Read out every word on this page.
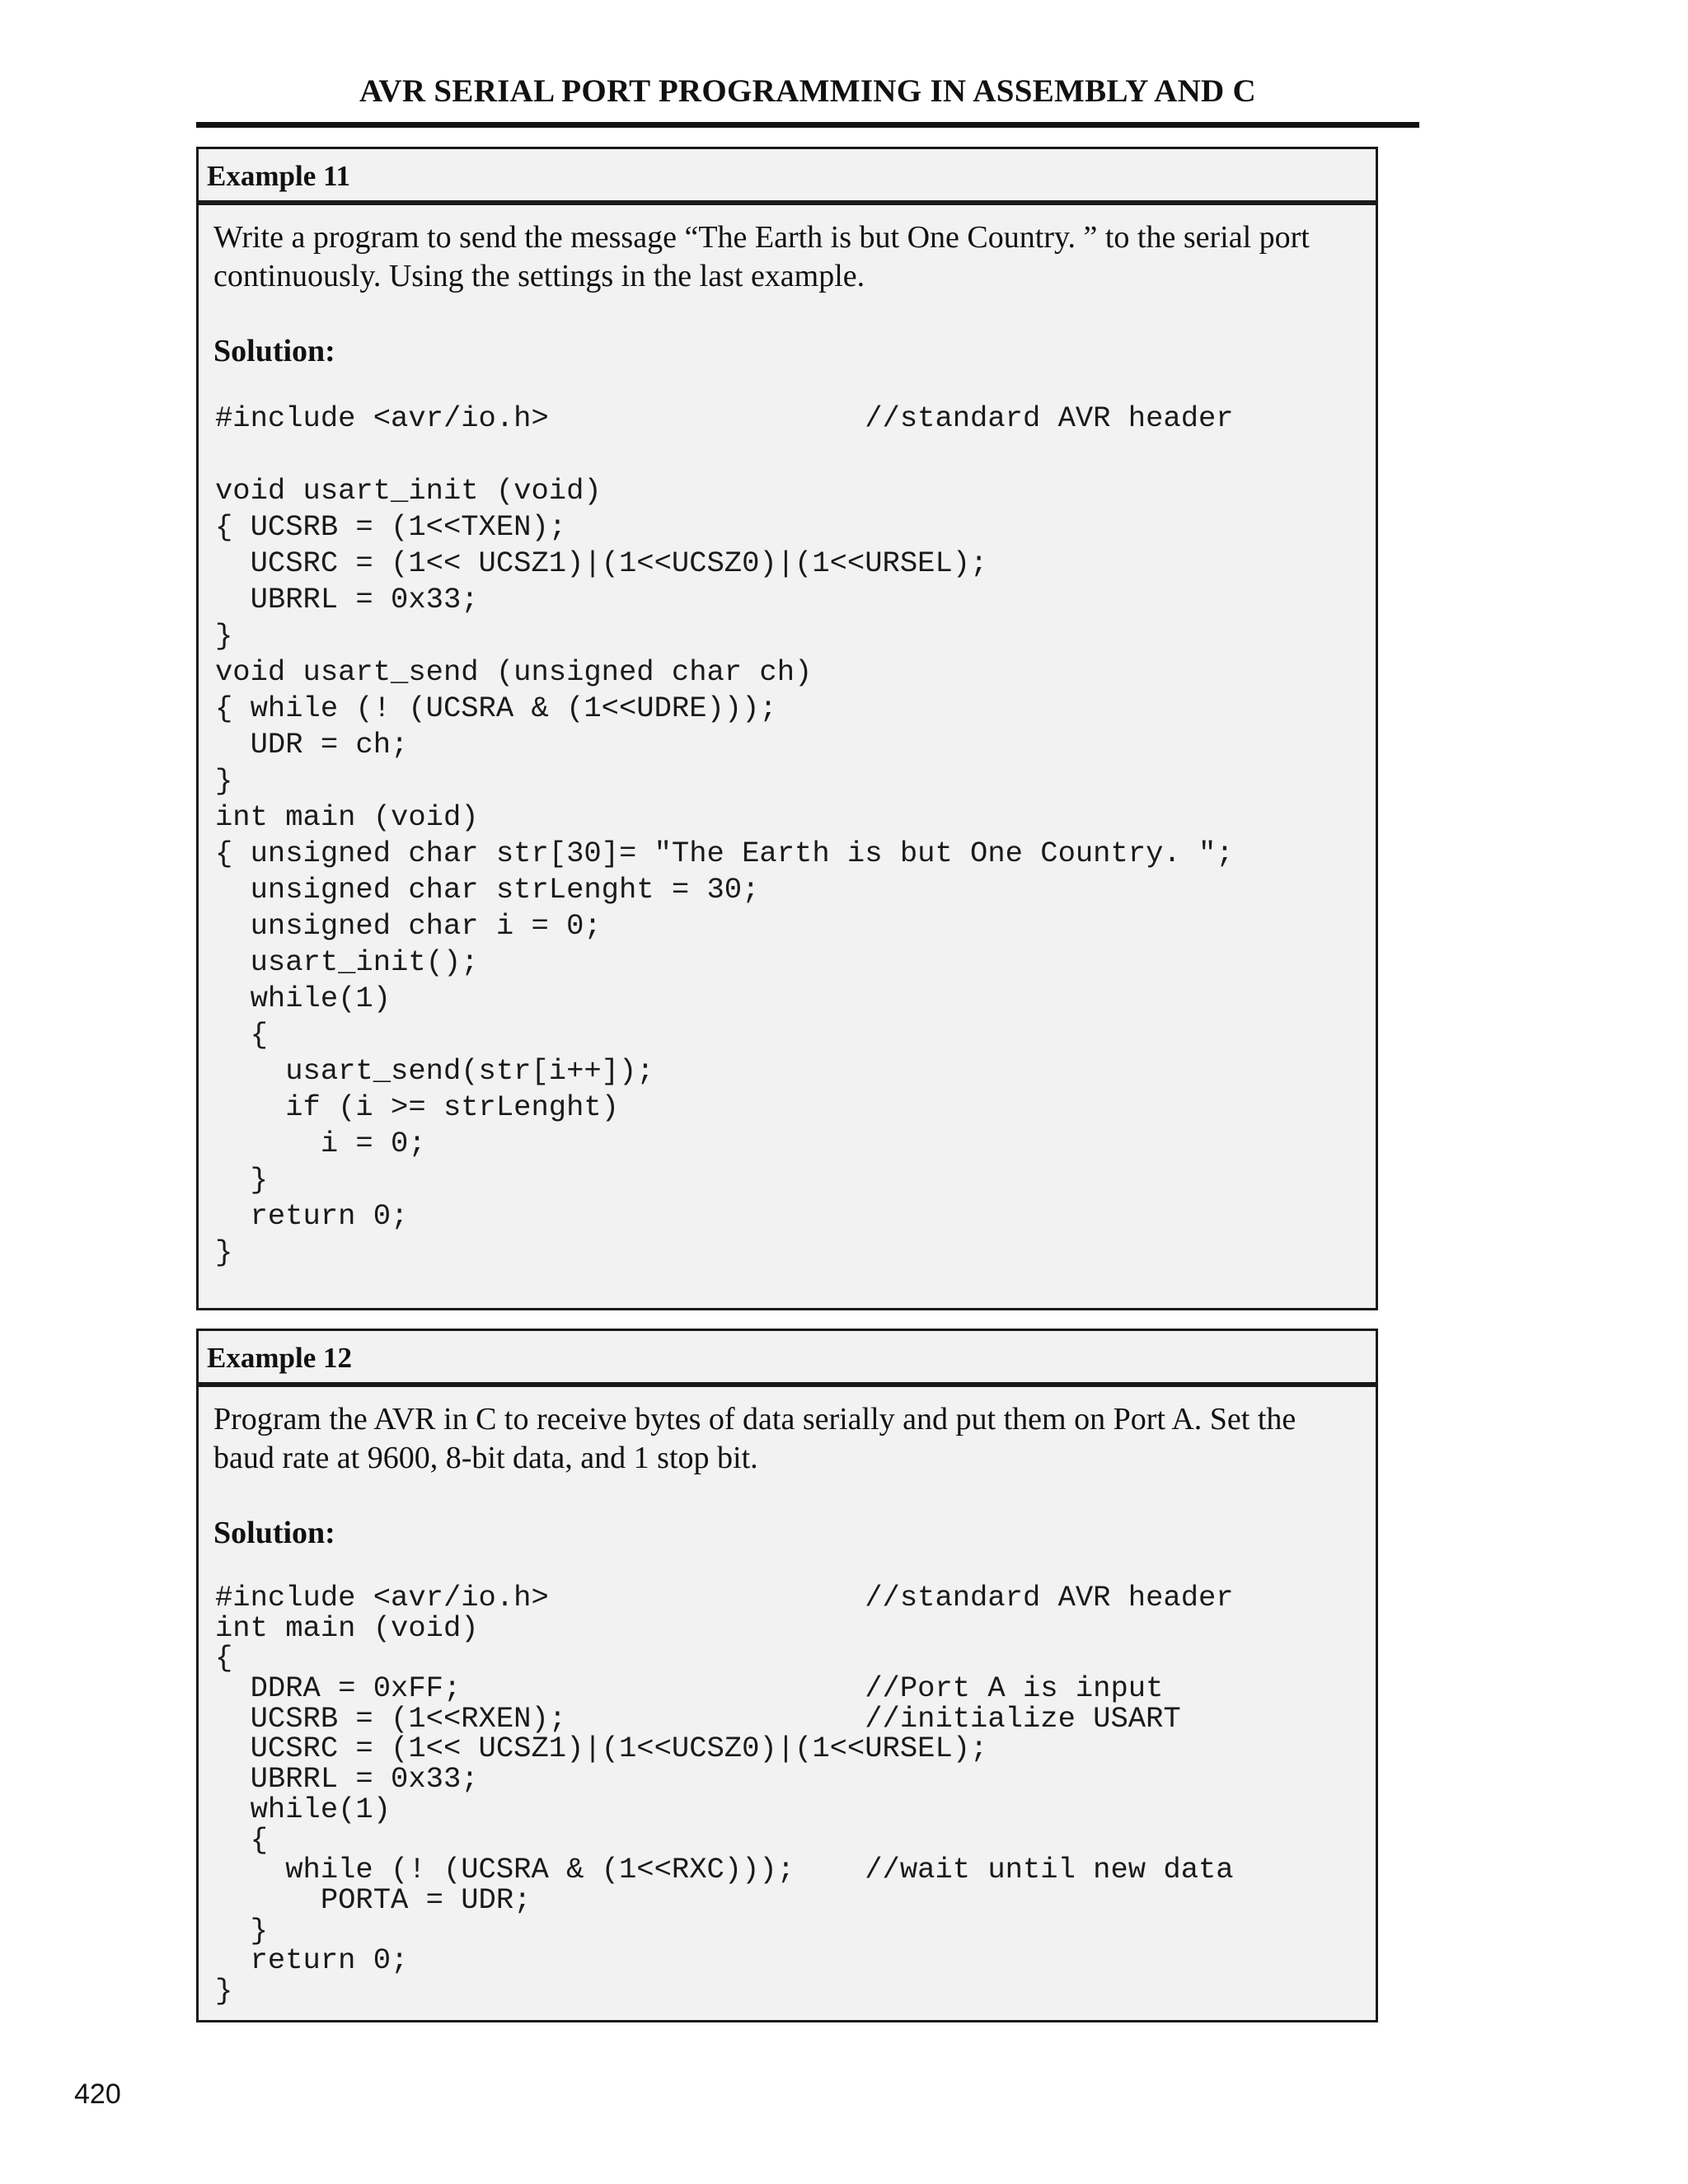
AVR SERIAL PORT PROGRAMMING IN ASSEMBLY AND C
Example 11
Write a program to send the message “The Earth is but One Country. ” to the serial port
continuously. Using the settings in the last example.
Solution:
#include <avr/io.h>                  //standard AVR header
void usart_init (void)
{ UCSRB = (1<<TXEN);
UCSRC = (1<< UCSZ1)|(1<<UCSZ0)|(1<<URSEL);
UBRRL = 0x33;
}
void usart_send (unsigned char ch)
{ while (! (UCSRA & (1<<UDRE)));
UDR = ch;
}
int main (void)
{ unsigned char str[30]= "The Earth is but One Country. ";
unsigned char strLenght = 30;
unsigned char i = 0;
usart_init();
while(1)
{
usart_send(str[i++]);
if (i >= strLenght)
i = 0;
}
return 0;
}
Example 12
Program the AVR in C to receive bytes of data serially and put them on Port A. Set the
baud rate at 9600, 8-bit data, and 1 stop bit.
Solution:
#include <avr/io.h>                  //standard AVR header
int main (void)
{
DDRA = 0xFF;                       //Port A is input
UCSRB = (1<<RXEN);                 //initialize USART
UCSRC = (1<< UCSZ1)|(1<<UCSZ0)|(1<<URSEL);
UBRRL = 0x33;
while(1)
{
while (! (UCSRA & (1<<RXC)));    //wait until new data
PORTA = UDR;
}
return 0;
}
420
